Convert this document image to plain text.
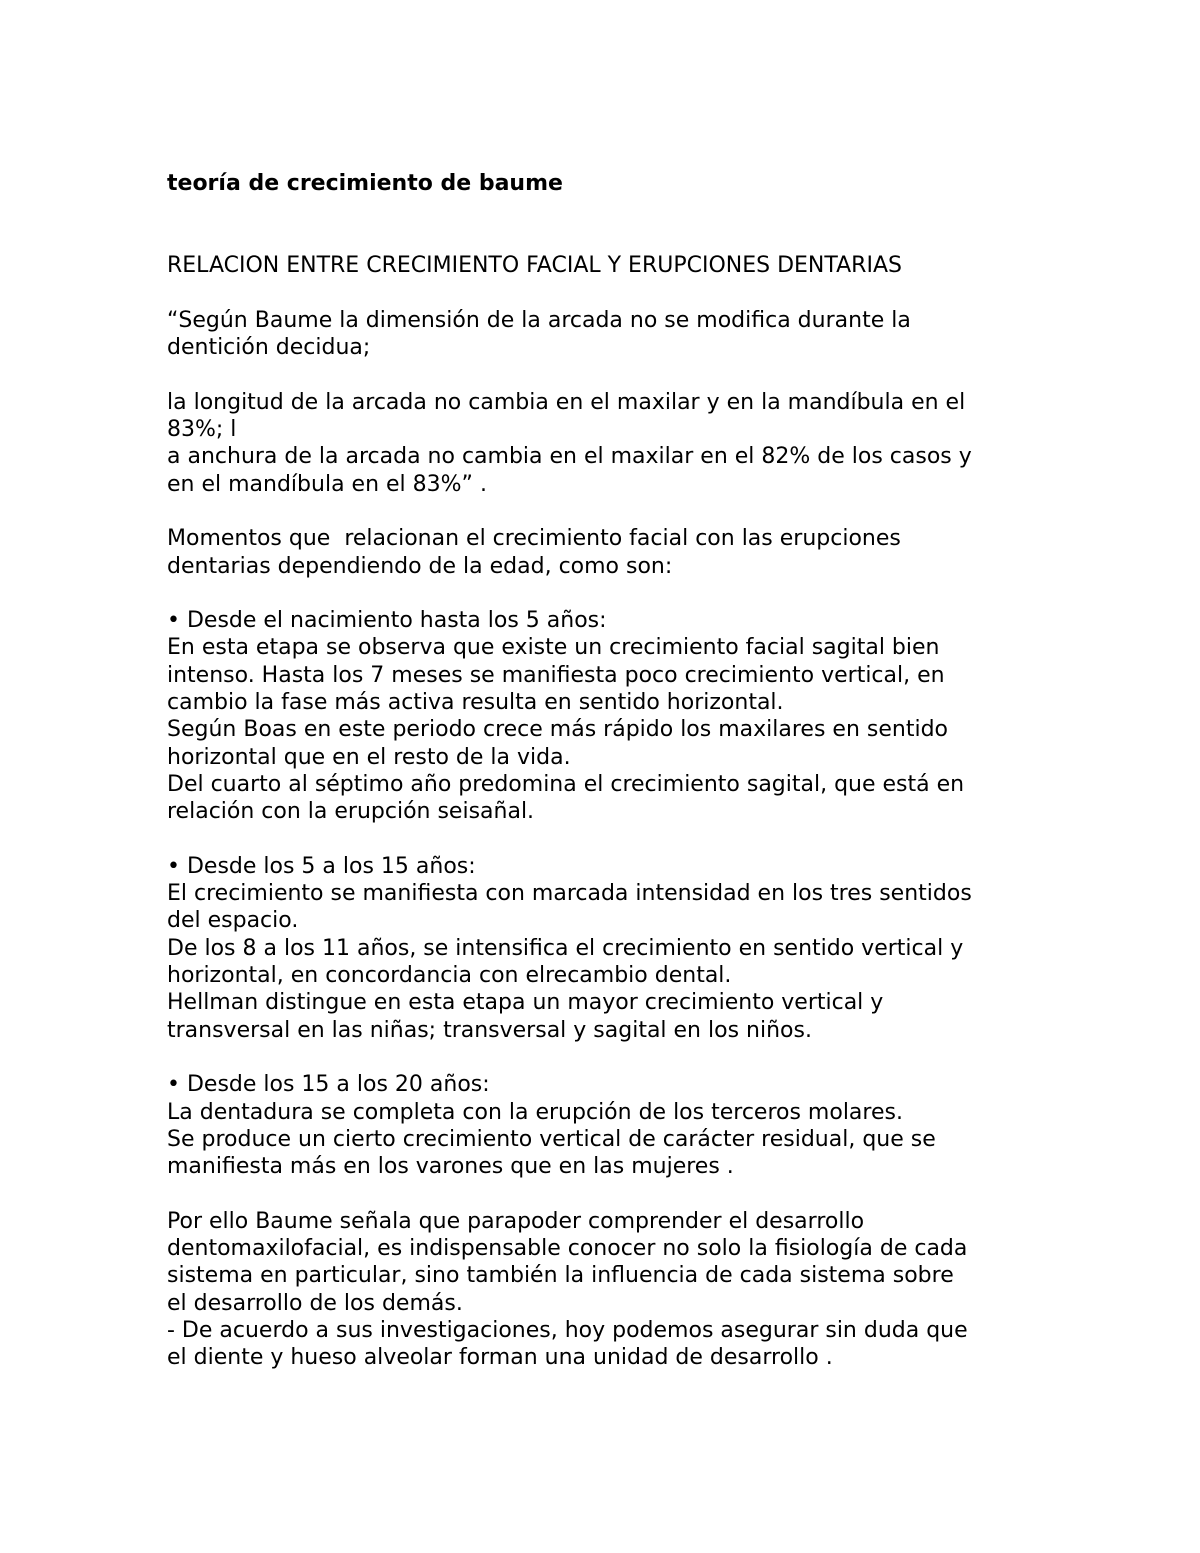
teoría de crecimiento de baume
RELACION ENTRE CRECIMIENTO FACIAL Y ERUPCIONES DENTARIAS
“Según Baume la dimensión de la arcada no se modifica durante la
dentición decidua;
la longitud de la arcada no cambia en el maxilar y en la mandíbula en el
83%; l
a anchura de la arcada no cambia en el maxilar en el 82% de los casos y
en el mandíbula en el 83%” .
Momentos que  relacionan el crecimiento facial con las erupciones
dentarias dependiendo de la edad, como son:
• Desde el nacimiento hasta los 5 años:
En esta etapa se observa que existe un crecimiento facial sagital bien
intenso. Hasta los 7 meses se manifiesta poco crecimiento vertical, en
cambio la fase más activa resulta en sentido horizontal.
Según Boas en este periodo crece más rápido los maxilares en sentido
horizontal que en el resto de la vida.
Del cuarto al séptimo año predomina el crecimiento sagital, que está en
relación con la erupción seisañal.
• Desde los 5 a los 15 años:
El crecimiento se manifiesta con marcada intensidad en los tres sentidos
del espacio.
De los 8 a los 11 años, se intensifica el crecimiento en sentido vertical y
horizontal, en concordancia con elrecambio dental.
Hellman distingue en esta etapa un mayor crecimiento vertical y
transversal en las niñas; transversal y sagital en los niños.
• Desde los 15 a los 20 años:
La dentadura se completa con la erupción de los terceros molares.
Se produce un cierto crecimiento vertical de carácter residual, que se
manifiesta más en los varones que en las mujeres .
Por ello Baume señala que parapoder comprender el desarrollo
dentomaxilofacial, es indispensable conocer no solo la fisiología de cada
sistema en particular, sino también la influencia de cada sistema sobre
el desarrollo de los demás.
- De acuerdo a sus investigaciones, hoy podemos asegurar sin duda que
el diente y hueso alveolar forman una unidad de desarrollo .
